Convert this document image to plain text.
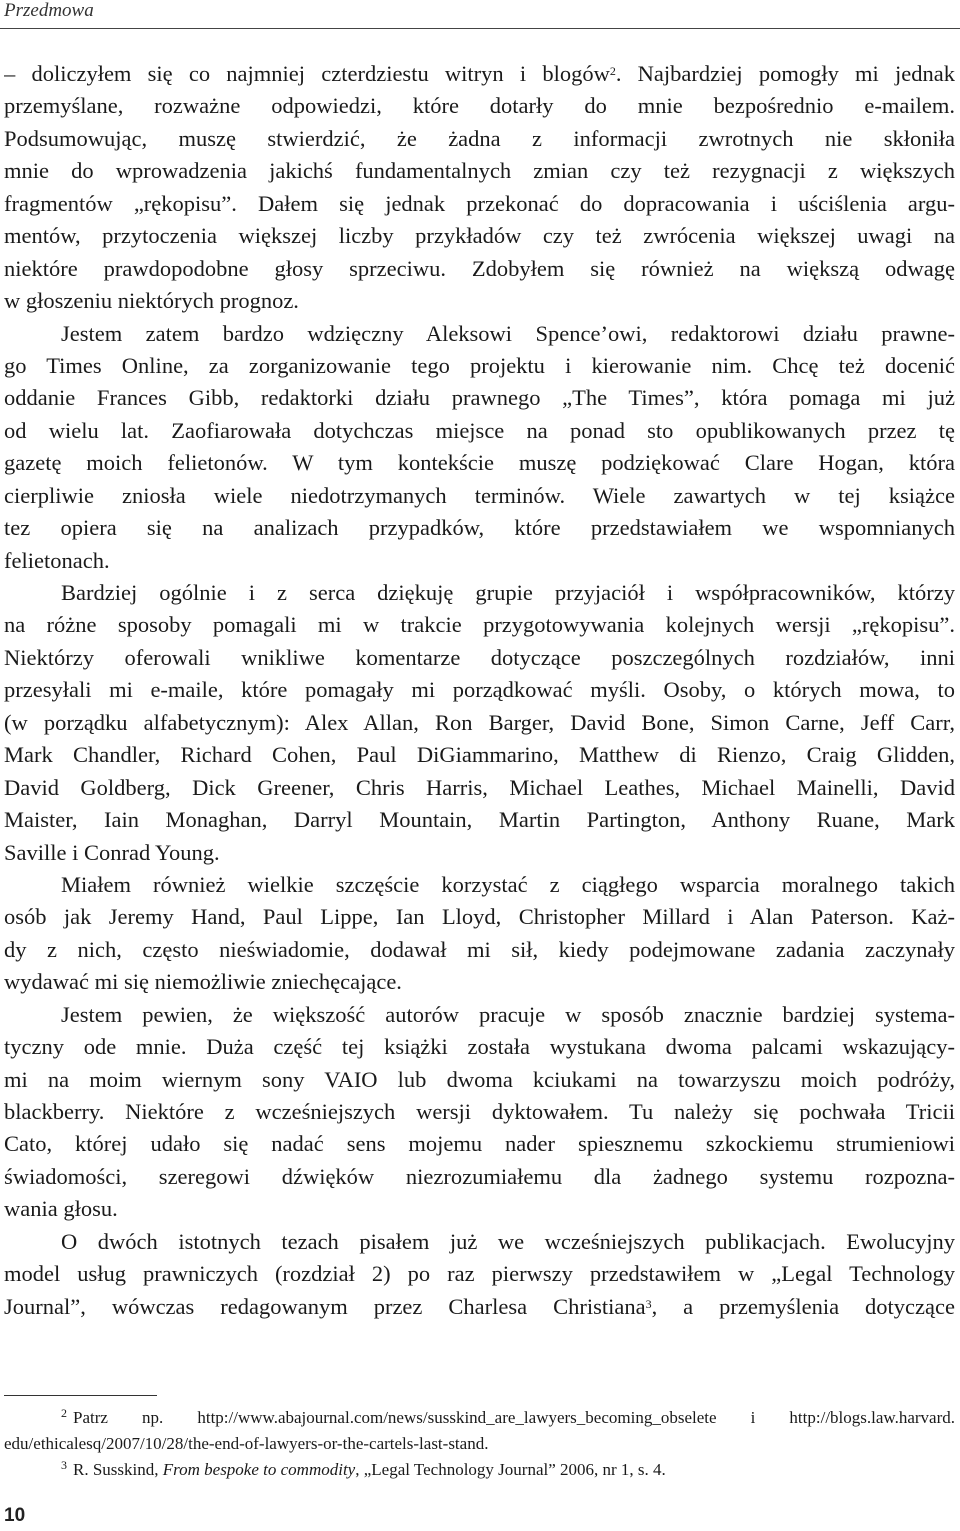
Przedmowa
– doliczyłem się co najmniej czterdziestu witryn i blogów$^2$. Najbardziej pomogły mi jednak
przemyślane, rozważne odpowiedzi, które dotarły do mnie bezpośrednio e-mailem.
Podsumowując, muszę stwierdzić, że żadna z informacji zwrotnych nie skłoniła
mnie do wprowadzenia jakichś fundamentalnych zmian czy też rezygnacji z większych
fragmentów „rękopisu”. Dałem się jednak przekonać do dopracowania i uściślenia argu-
mentów, przytoczenia większej liczby przykładów czy też zwrócenia większej uwagi na
niektóre prawdopodobne głosy sprzeciwu. Zdobyłem się również na większą odwagę
w głoszeniu niektórych prognoz.
Jestem zatem bardzo wdzięczny Aleksowi Spence’owi, redaktorowi działu prawne-
go Times Online, za zorganizowanie tego projektu i kierowanie nim. Chcę też docenić
oddanie Frances Gibb, redaktorki działu prawnego „The Times”, która pomaga mi już
od wielu lat. Zaofiarowała dotychczas miejsce na ponad sto opublikowanych przez tę
gazetę moich felietonów. W tym kontekście muszę podziękować Clare Hogan, która
cierpliwie zniosła wiele niedotrzymanych terminów. Wiele zawartych w tej książce
tez opiera się na analizach przypadków, które przedstawiałem we wspomnianych
felietonach.
Bardziej ogólnie i z serca dziękuję grupie przyjaciół i współpracowników, którzy
na różne sposoby pomagali mi w trakcie przygotowywania kolejnych wersji „rękopisu”.
Niektórzy oferowali wnikliwe komentarze dotyczące poszczególnych rozdziałów, inni
przesyłali mi e-maile, które pomagały mi porządkować myśli. Osoby, o których mowa, to
(w porządku alfabetycznym): Alex Allan, Ron Barger, David Bone, Simon Carne, Jeff Carr,
Mark Chandler, Richard Cohen, Paul DiGiammarino, Matthew di Rienzo, Craig Glidden,
David Goldberg, Dick Greener, Chris Harris, Michael Leathes, Michael Mainelli, David
Maister, Iain Monaghan, Darryl Mountain, Martin Partington, Anthony Ruane, Mark
Saville i Conrad Young.
Miałem również wielkie szczęście korzystać z ciągłego wsparcia moralnego takich
osób jak Jeremy Hand, Paul Lippe, Ian Lloyd, Christopher Millard i Alan Paterson. Każ-
dy z nich, często nieświadomie, dodawał mi sił, kiedy podejmowane zadania zaczynały
wydawać mi się niemożliwie zniechęcające.
Jestem pewien, że większość autorów pracuje w sposób znacznie bardziej systema-
tyczny ode mnie. Duża część tej książki została wystukana dwoma palcami wskazujący-
mi na moim wiernym sony VAIO lub dwoma kciukami na towarzyszu moich podróży,
blackberry. Niektóre z wcześniejszych wersji dyktowałem. Tu należy się pochwała Tricii
Cato, której udało się nadać sens mojemu nader spiesznemu szkockiemu strumieniowi
świadomości, szeregowi dźwięków niezrozumiałemu dla żadnego systemu rozpozna-
wania głosu.
O dwóch istotnych tezach pisałem już we wcześniejszych publikacjach. Ewolucyjny
model usług prawniczych (rozdział 2) po raz pierwszy przedstawiłem w „Legal Technology
Journal”, wówczas redagowanym przez Charlesa Christiana$^3$, a przemyślenia dotyczące
$^2$ Patrz np. http://www.abajournal.com/news/susskind_are_lawyers_becoming_obselete i http://blogs.law.harvard.
edu/ethicalesq/2007/10/28/the-end-of-lawyers-or-the-cartels-last-stand.
$^3$ R. Susskind, From bespoke to commodity, „Legal Technology Journal” 2006, nr 1, s. 4.
10
